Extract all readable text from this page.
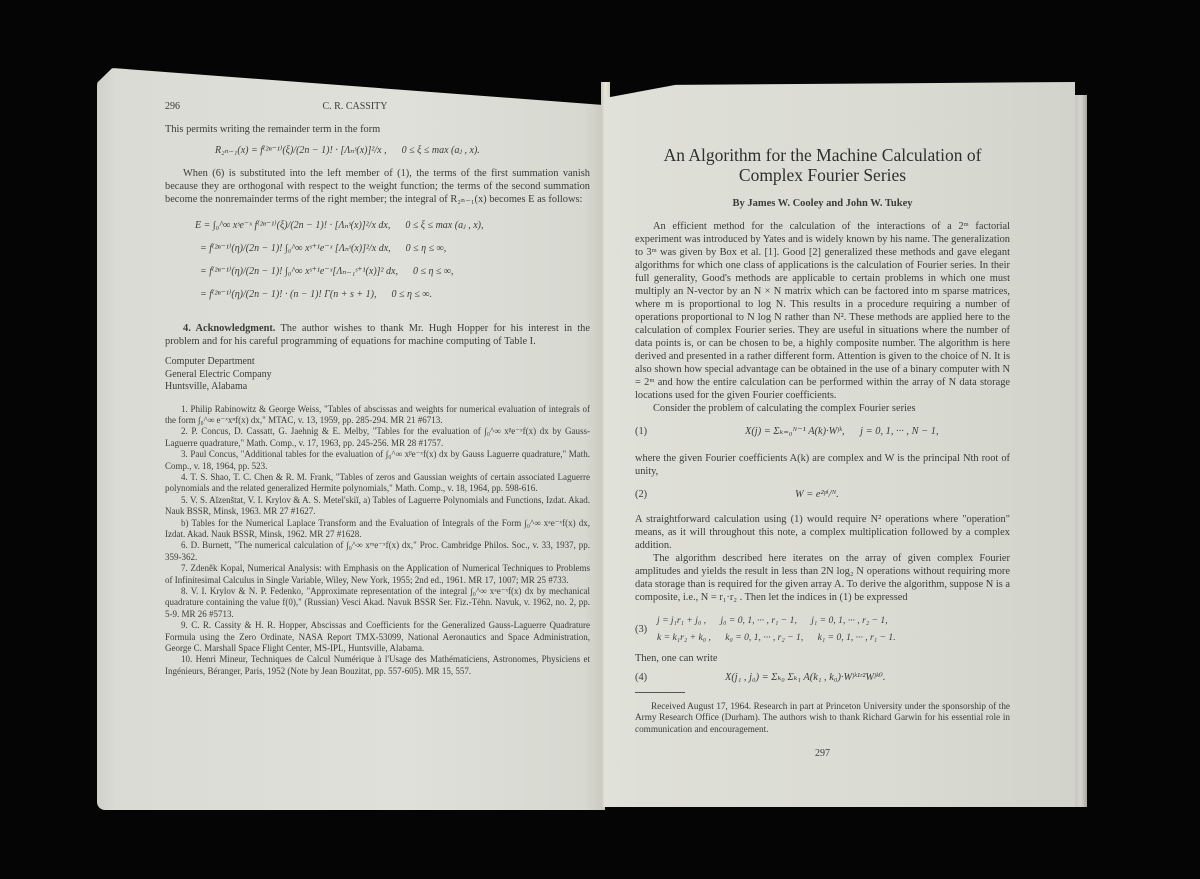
296	C. R. CASSITY

This permits writing the remainder term in the form

R₂ₙ₋₁(x) = f⁽²ⁿ⁻¹⁾(ξ)/(2n − 1)! · [Λₙˢ(x)]²/x ,      0 ≤ ξ ≤ max (aⱼ , x).

When (6) is substituted into the left member of (1), the terms of the first summation vanish because they are orthogonal with respect to the weight function; the terms of the second summation become the nonremainder terms of the right member; the integral of R₂ₙ₋₁(x) becomes E as follows:

E = ∫₀^∞ xˢe⁻ˣ f⁽²ⁿ⁻¹⁾(ξ)/(2n − 1)! · [Λₙˢ(x)]²/x dx,      0 ≤ ξ ≤ max (aⱼ , x),
= f⁽²ⁿ⁻¹⁾(η)/(2n − 1)! ∫₀^∞ xˢ⁺¹e⁻ˣ [Λₙˢ(x)]²/x dx,      0 ≤ η ≤ ∞,
= f⁽²ⁿ⁻¹⁾(η)/(2n − 1)! ∫₀^∞ xˢ⁺¹e⁻ˣ[Λₙ₋₁ˢ⁺¹(x)]² dx,      0 ≤ η ≤ ∞,
= f⁽²ⁿ⁻¹⁾(η)/(2n − 1)! · (n − 1)! Γ(n + s + 1),      0 ≤ η ≤ ∞.

4. Acknowledgment. The author wishes to thank Mr. Hugh Hopper for his interest in the problem and for his careful programming of equations for machine computing of Table I.

Computer Department
General Electric Company
Huntsville, Alabama

1. Philip Rabinowitz & George Weiss, "Tables of abscissas and weights for numerical evaluation of integrals of the form ∫₀^∞ e⁻ˣxⁿf(x) dx," MTAC, v. 13, 1959, pp. 285-294. MR 21 #6713.

2. P. Concus, D. Cassatt, G. Jaehnig & E. Melby, "Tables for the evaluation of ∫₀^∞ xᵝe⁻ˣf(x) dx by Gauss-Laguerre quadrature," Math. Comp., v. 17, 1963, pp. 245-256. MR 28 #1757.

3. Paul Concus, "Additional tables for the evaluation of ∫₀^∞ xᵝe⁻ˣf(x) dx by Gauss Laguerre quadrature," Math. Comp., v. 18, 1964, pp. 523.

4. T. S. Shao, T. C. Chen & R. M. Frank, "Tables of zeros and Gaussian weights of certain associated Laguerre polynomials and the related generalized Hermite polynomials," Math. Comp., v. 18, 1964, pp. 598-616.

5. V. S. Aĭzenštat, V. I. Krylov & A. S. Metel'skiĭ, a) Tables of Laguerre Polynomials and Functions, Izdat. Akad. Nauk BSSR, Minsk, 1963. MR 27 #1627.

b) Tables for the Numerical Laplace Transform and the Evaluation of Integrals of the Form ∫₀^∞ xᵃe⁻ˣf(x) dx, Izdat. Akad. Nauk BSSR, Minsk, 1962. MR 27 #1628.

6. D. Burnett, "The numerical calculation of ∫₀^∞ xᵐe⁻ˣf(x) dx," Proc. Cambridge Philos. Soc., v. 33, 1937, pp. 359-362.

7. Zdeněk Kopal, Numerical Analysis: with Emphasis on the Application of Numerical Techniques to Problems of Infinitesimal Calculus in Single Variable, Wiley, New York, 1955; 2nd ed., 1961. MR 17, 1007; MR 25 #733.

8. V. I. Krylov & N. P. Fedenko, "Approximate representation of the integral ∫₀^∞ xᵃe⁻ˣf(x) dx by mechanical quadrature containing the value f(0)," (Russian) Vesci Akad. Navuk BSSR Ser. Fiz.-Tèhn. Navuk, v. 1962, no. 2, pp. 5-9. MR 26 #5713.

9. C. R. Cassity & H. R. Hopper, Abscissas and Coefficients for the Generalized Gauss-Laguerre Quadrature Formula using the Zero Ordinate, NASA Report TMX-53099, National Aeronautics and Space Administration, George C. Marshall Space Flight Center, MS-IPL, Huntsville, Alabama.

10. Henri Mineur, Techniques de Calcul Numérique à l'Usage des Mathématiciens, Astronomes, Physiciens et Ingénieurs, Béranger, Paris, 1952 (Note by Jean Bouzitat, pp. 557-605). MR 15, 557.

An Algorithm for the Machine Calculation of
Complex Fourier Series
By James W. Cooley and John W. Tukey

An efficient method for the calculation of the interactions of a 2ᵐ factorial experiment was introduced by Yates and is widely known by his name. The generalization to 3ᵐ was given by Box et al. [1]. Good [2] generalized these methods and gave elegant algorithms for which one class of applications is the calculation of Fourier series. In their full generality, Good's methods are applicable to certain problems in which one must multiply an N-vector by an N × N matrix which can be factored into m sparse matrices, where m is proportional to log N. This results in a procedure requiring a number of operations proportional to N log N rather than N². These methods are applied here to the calculation of complex Fourier series. They are useful in situations where the number of data points is, or can be chosen to be, a highly composite number. The algorithm is here derived and presented in a rather different form. Attention is given to the choice of N. It is also shown how special advantage can be obtained in the use of a binary computer with N = 2ᵐ and how the entire calculation can be performed within the array of N data storage locations used for the given Fourier coefficients.

Consider the problem of calculating the complex Fourier series

(1)	X(j) = Σₖ₌₀ᴺ⁻¹ A(k)·Wʲᵏ,      j = 0, 1, ··· , N − 1,

where the given Fourier coefficients A(k) are complex and W is the principal Nth root of unity,

(2)	W = e²ᵖⁱ/ᴺ.

A straightforward calculation using (1) would require N² operations where "operation" means, as it will throughout this note, a complex multiplication followed by a complex addition.

The algorithm described here iterates on the array of given complex Fourier amplitudes and yields the result in less than 2N log₂ N operations without requiring more data storage than is required for the given array A. To derive the algorithm, suppose N is a composite, i.e., N = r₁·r₂ . Then let the indices in (1) be expressed

(3)
j = j₁r₁ + j₀ ,      j₀ = 0, 1, ··· , r₁ − 1,      j₁ = 0, 1, ··· , r₂ − 1,
k = k₁r₂ + k₀ ,      k₀ = 0, 1, ··· , r₂ − 1,      k₁ = 0, 1, ··· , r₁ − 1.

Then, one can write

(4)	X(j₁ , j₀) = Σₖ₀ Σₖ₁ A(k₁ , k₀)·Wʲᵏ¹ʳ²Wʲᵏ⁰.

Received August 17, 1964. Research in part at Princeton University under the sponsorship of the Army Research Office (Durham). The authors wish to thank Richard Garwin for his essential role in communication and encouragement.

297
